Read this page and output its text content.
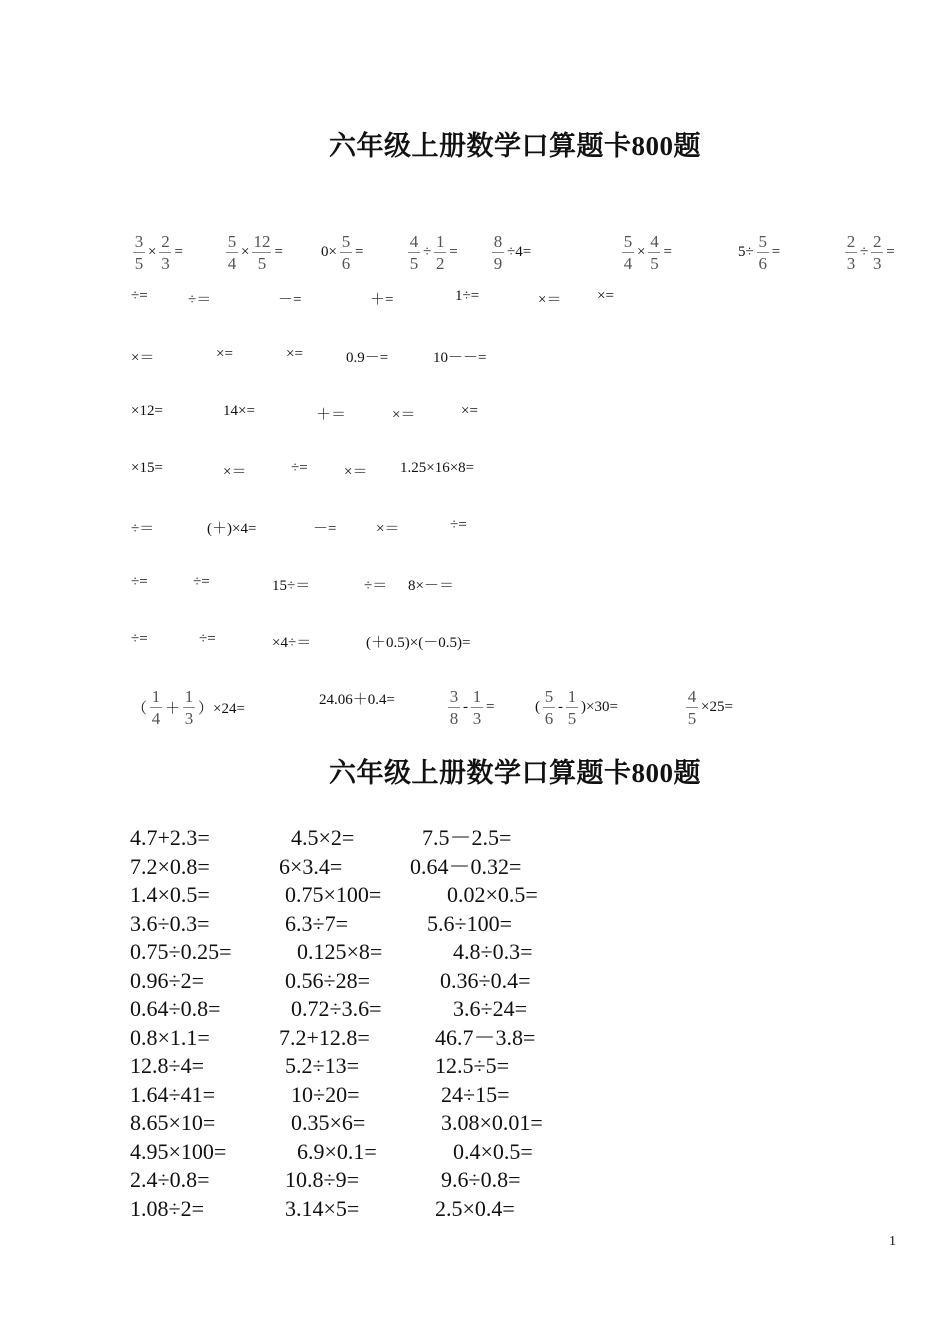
六年级上册数学口算题卡800题
六年级上册数学口算题卡800题
$\frac{3}{5} \times \frac{2}{3}$ =	$\frac{5}{4} \times \frac{12}{5}$ =	$0\times \frac{5}{6}$ =	$\frac{4}{5} \div \frac{1}{2} = \frac{8}{9} \div 4=$	$\frac{5}{4} \times \frac{4}{5}$ =	$5\div \frac{5}{6}$ =	$\frac{2}{3} \div \frac{2}{3}$ =
÷=	÷＝	－=	＋=	1÷=	×＝ ×=
×＝	×=	×=	0.9－=	10－－=
×12=	14×=	＋＝	×＝	×=
×15=	×＝	÷= ×＝ 1.25×16×8=
÷＝	(＋)×4=	－=	×＝	÷=
÷=	÷=	15÷＝	÷＝ 8×－＝
÷=	÷=	×4÷＝	(＋0.5)×(－0.5)=
（ $\frac{1}{4} + \frac{1}{3} )\times 24=$
24.06＋0.4=	$\frac{3}{8} - \frac{1}{3}$ =	( $\frac{5}{6} - \frac{1}{5} )\times 30=$	$\frac{4}{5} \times 25=$
4.7+2.3=	4.5×2=	7.5－2.5=
7.2×0.8=	6×3.4=	0.64－0.32=
1.4×0.5=	0.75×100=	0.02×0.5=
3.6÷0.3=	6.3÷7=	5.6÷100=
0.75÷0.25=	0.125×8=	4.8÷0.3=
0.96÷2=	0.56÷28=	0.36÷0.4=
0.64÷0.8=	0.72÷3.6=	3.6÷24=
0.8×1.1=	7.2+12.8=	46.7－3.8=
12.8÷4=	5.2÷13=	12.5÷5=
1.64÷41=	10÷20=	24÷15=
8.65×10=	0.35×6=	3.08×0.01=
4.95×100=	6.9×0.1=	0.4×0.5=
2.4÷0.8=	10.8÷9=	9.6÷0.8=
1.08÷2=	3.14×5=	2.5×0.4=
1
